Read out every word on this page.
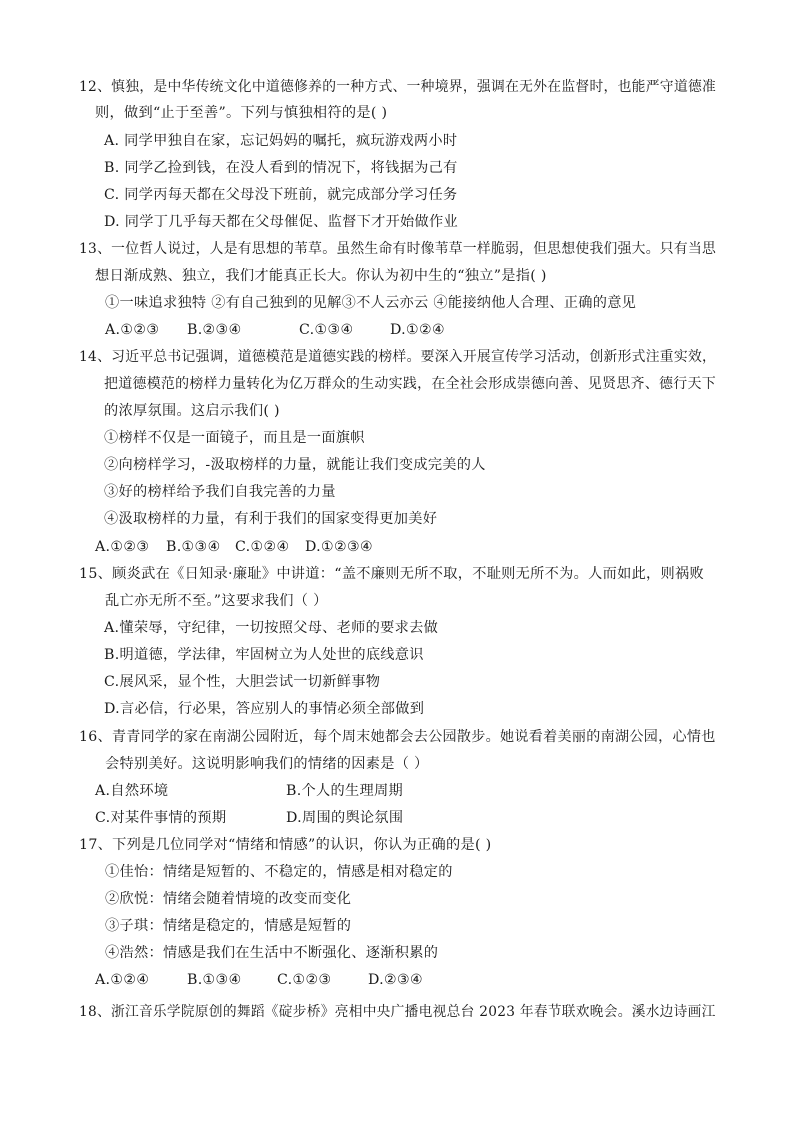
12、慎独，是中华传统文化中道德修养的一种方式、一种境界，强调在无外在监督时，也能严守道德准
则，做到“止于至善”。下列与慎独相符的是( )
A. 同学甲独自在家，忘记妈妈的嘱托，疯玩游戏两小时
B. 同学乙捡到钱，在没人看到的情况下，将钱据为己有
C. 同学丙每天都在父母没下班前，就完成部分学习任务
D. 同学丁几乎每天都在父母催促、监督下才开始做作业
13、一位哲人说过，人是有思想的苇草。虽然生命有时像苇草一样脆弱，但思想使我们强大。只有当思
想日渐成熟、独立，我们才能真正长大。你认为初中生的“独立”是指( )
①一味追求独特 ②有自己独到的见解③不人云亦云 ④能接纳他人合理、正确的意见
A.①②③ B.②③④	C.①③④	D.①②④
14、习近平总书记强调，道德模范是道德实践的榜样。要深入开展宣传学习活动，创新形式注重实效，
把道德模范的榜样力量转化为亿万群众的生动实践，在全社会形成崇德向善、见贤思齐、德行天下
的浓厚氛围。这启示我们( )
①榜样不仅是一面镜子，而且是一面旗帜
②向榜样学习，-汲取榜样的力量，就能让我们变成完美的人
③好的榜样给予我们自我完善的力量
④汲取榜样的力量，有利于我们的国家变得更加美好
A.①②③ B.①③④ C.①②④ D.①②③④
15、顾炎武在《日知录·廉耻》中讲道：“盖不廉则无所不取，不耻则无所不为。人而如此，则祸败
乱亡亦无所不至。”这要求我们（ ）
A.懂荣辱，守纪律，一切按照父母、老师的要求去做
B.明道德，学法律，牢固树立为人处世的底线意识
C.展风采，显个性，大胆尝试一切新鲜事物
D.言必信，行必果，答应别人的事情必须全部做到
16、青青同学的家在南湖公园附近，每个周末她都会去公园散步。她说看着美丽的南湖公园，心情也
会特别美好。这说明影响我们的情绪的因素是（ ）
A.自然环境	B.个人的生理周期
C.对某件事情的预期	D.周围的舆论氛围
17、下列是几位同学对“情绪和情感”的认识，你认为正确的是( )
①佳怡：情绪是短暂的、不稳定的，情感是相对稳定的
②欣悦：情绪会随着情境的改变而变化
③子琪：情绪是稳定的，情感是短暂的
④浩然：情感是我们在生活中不断强化、逐渐积累的
A.①②④	B.①③④ C.①②③	D.②③④
18、浙江音乐学院原创的舞蹈《碇步桥》亮相中央广播电视总台 2023 年春节联欢晚会。溪水边诗画江
